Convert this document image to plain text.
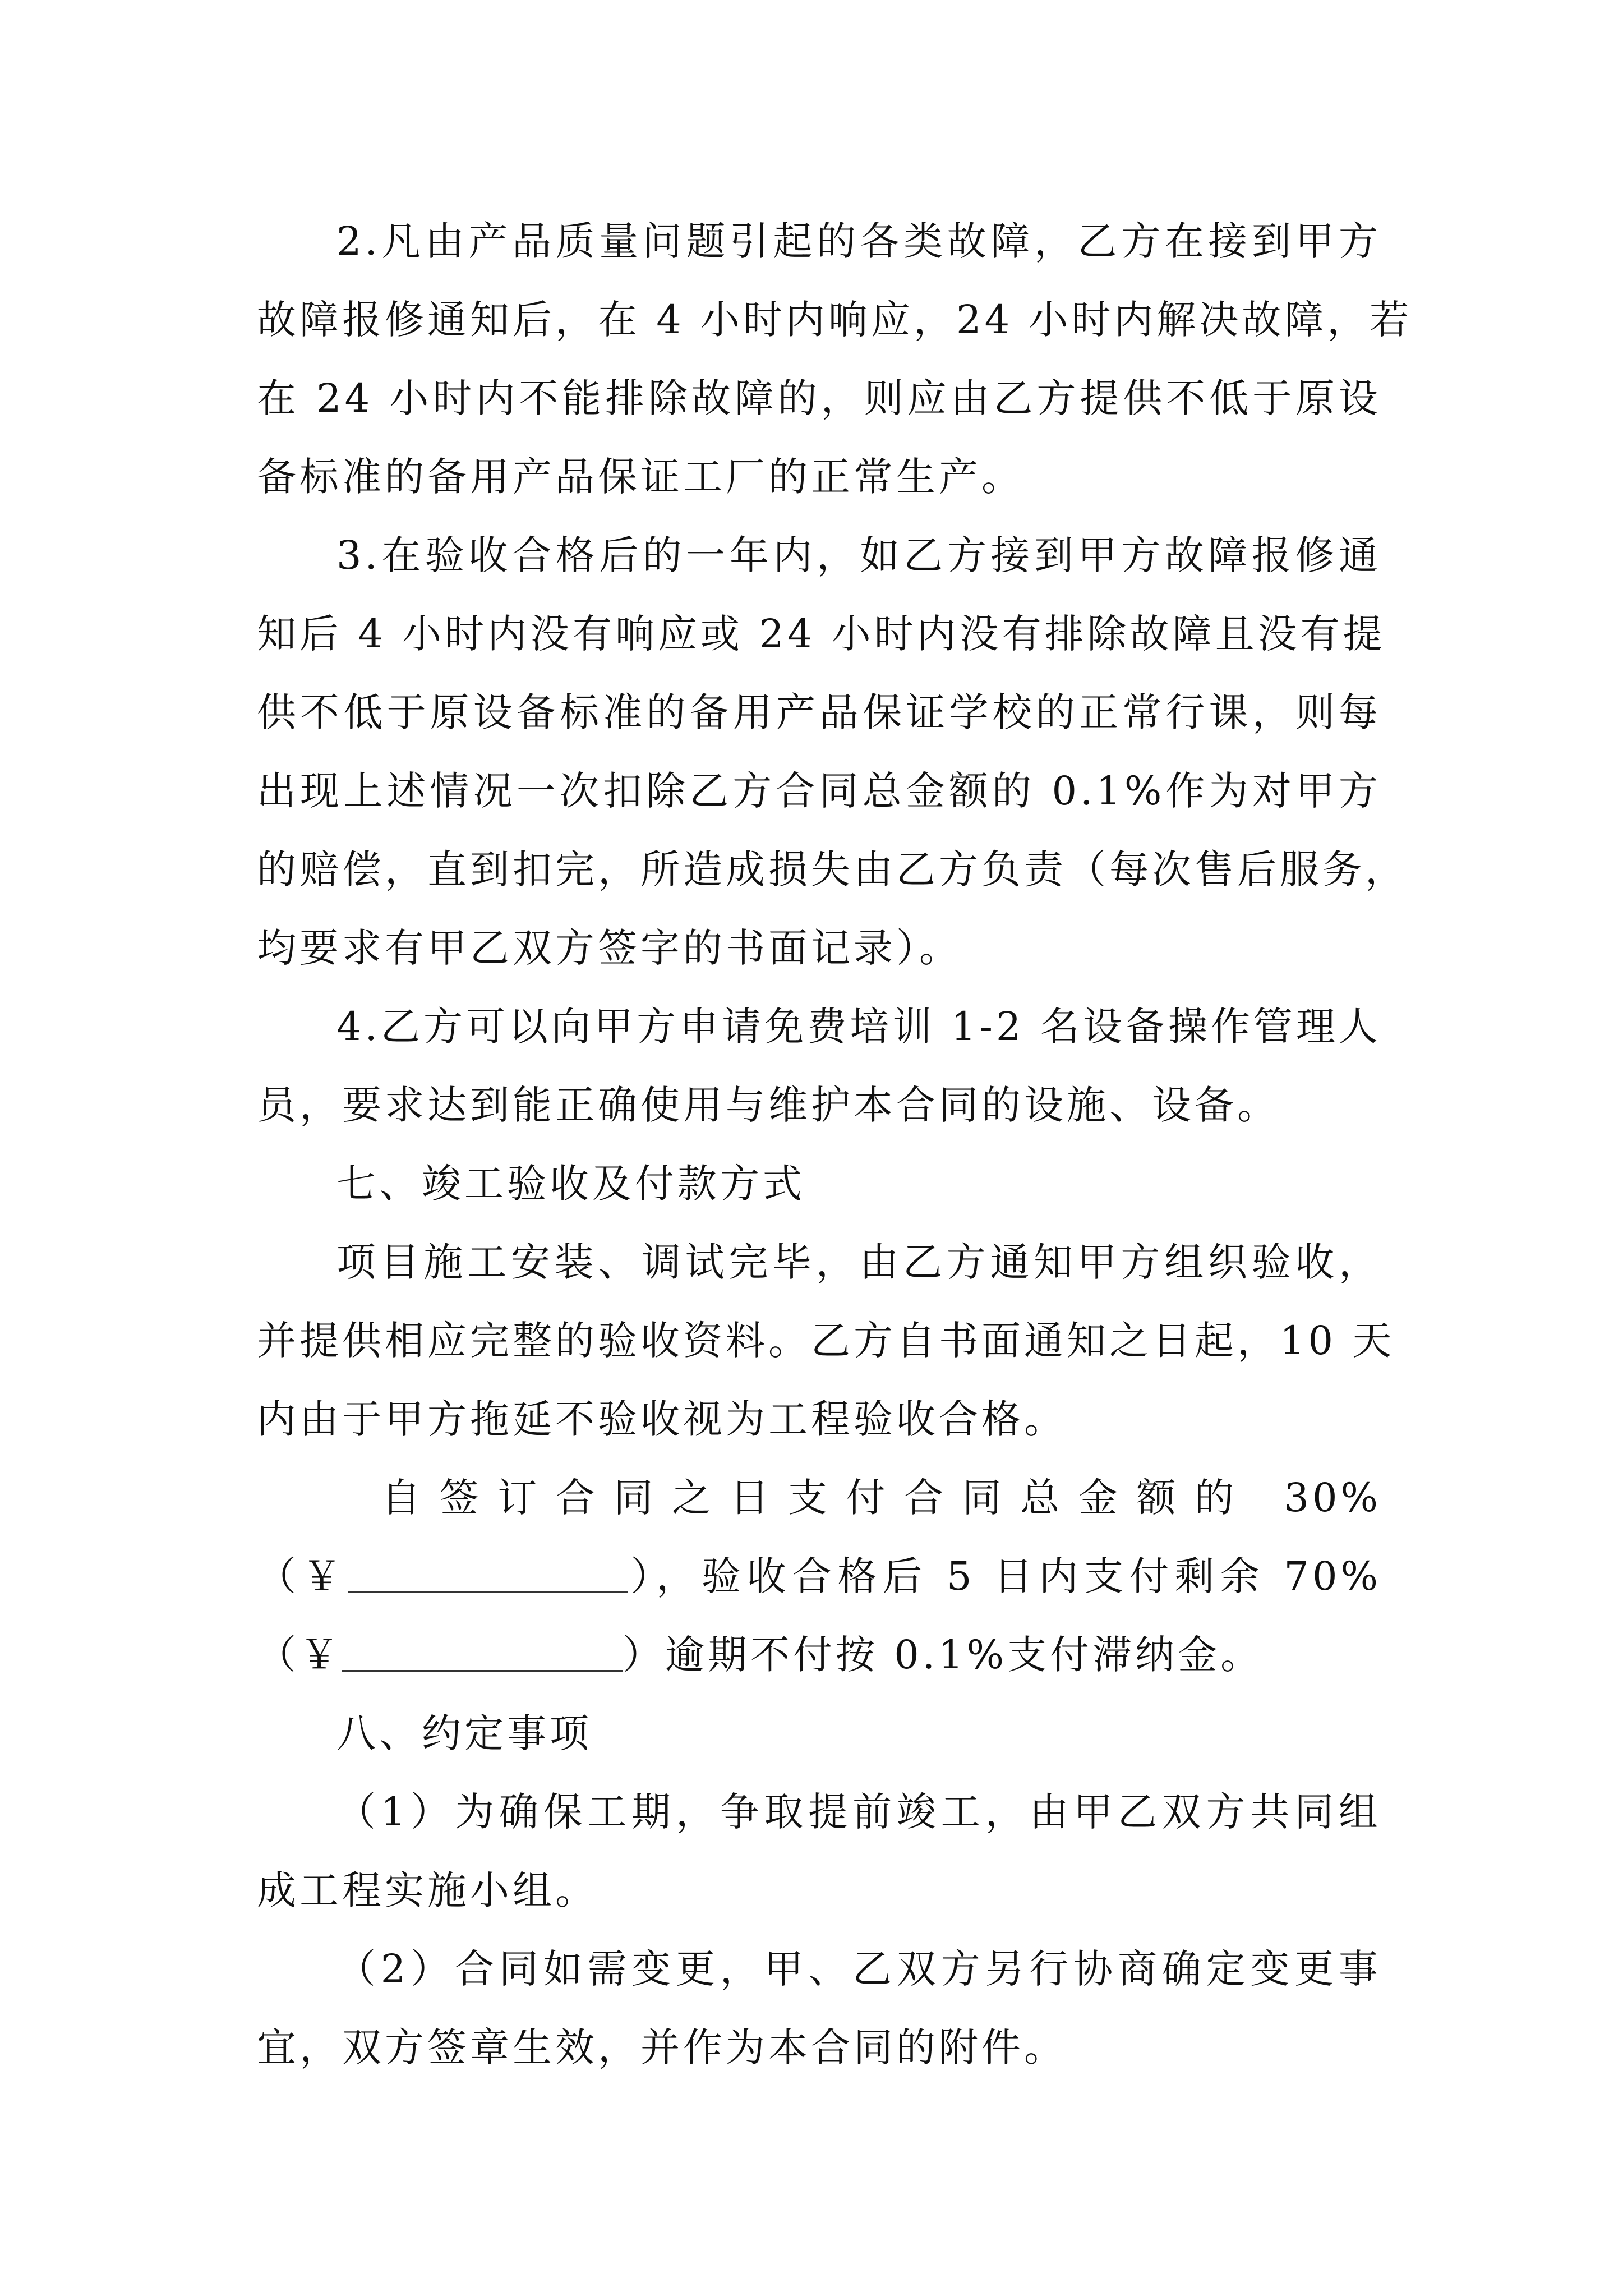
2.凡由产品质量问题引起的各类故障，乙方在接到甲方
故障报修通知后，在 4 小时内响应，24 小时内解决故障，若
在 24 小时内不能排除故障的，则应由乙方提供不低于原设
备标准的备用产品保证工厂的正常生产。
3.在验收合格后的一年内，如乙方接到甲方故障报修通
知后 4 小时内没有响应或 24 小时内没有排除故障且没有提
供不低于原设备标准的备用产品保证学校的正常行课，则每
出现上述情况一次扣除乙方合同总金额的 0.1%作为对甲方
的赔偿，直到扣完，所造成损失由乙方负责（每次售后服务，
均要求有甲乙双方签字的书面记录）。
4.乙方可以向甲方申请免费培训 1-2 名设备操作管理人
员，要求达到能正确使用与维护本合同的设施、设备。
七、竣工验收及付款方式
项目施工安装、调试完毕，由乙方通知甲方组织验收，
并提供相应完整的验收资料。乙方自书面通知之日起，10 天
内由于甲方拖延不验收视为工程验收合格。
自签订合同之日支付合同总金额的 30%
（￥	），验收合格后 5 日内支付剩余 70%
（￥	）逾期不付按 0.1%支付滞纳金。
八、约定事项
（1）为确保工期，争取提前竣工，由甲乙双方共同组
成工程实施小组。
（2）合同如需变更，甲、乙双方另行协商确定变更事
宜，双方签章生效，并作为本合同的附件。
